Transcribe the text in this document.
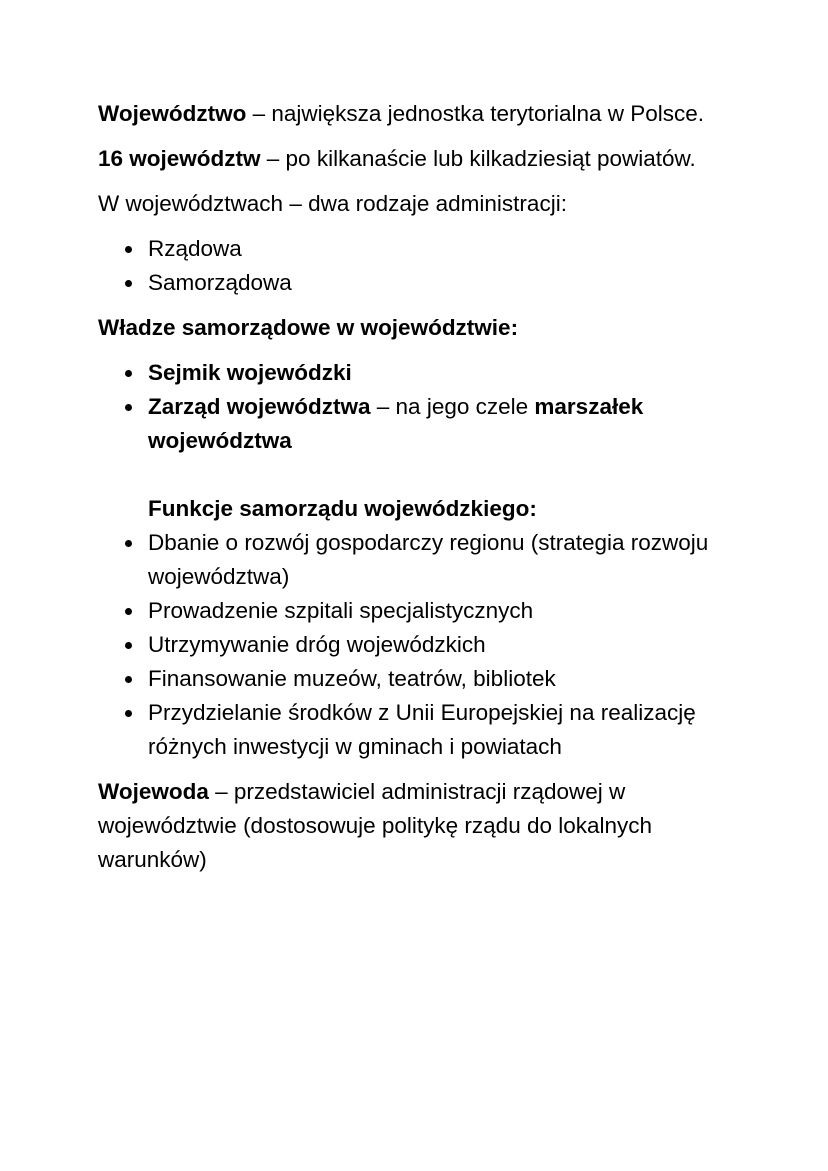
Województwo – największa jednostka terytorialna w Polsce.

16 województw – po kilkanaście lub kilkadziesiąt powiatów.

W województwach – dwa rodzaje administracji:

Rządowa
Samorządowa

Władze samorządowe w województwie:

Sejmik wojewódzki
Zarząd województwa – na jego czele marszałek województwa
Funkcje samorządu wojewódzkiego:
Dbanie o rozwój gospodarczy regionu (strategia rozwoju województwa)
Prowadzenie szpitali specjalistycznych
Utrzymywanie dróg wojewódzkich
Finansowanie muzeów, teatrów, bibliotek
Przydzielanie środków z Unii Europejskiej na realizację różnych inwestycji w gminach i powiatach

Wojewoda – przedstawiciel administracji rządowej w województwie (dostosowuje politykę rządu do lokalnych warunków)
